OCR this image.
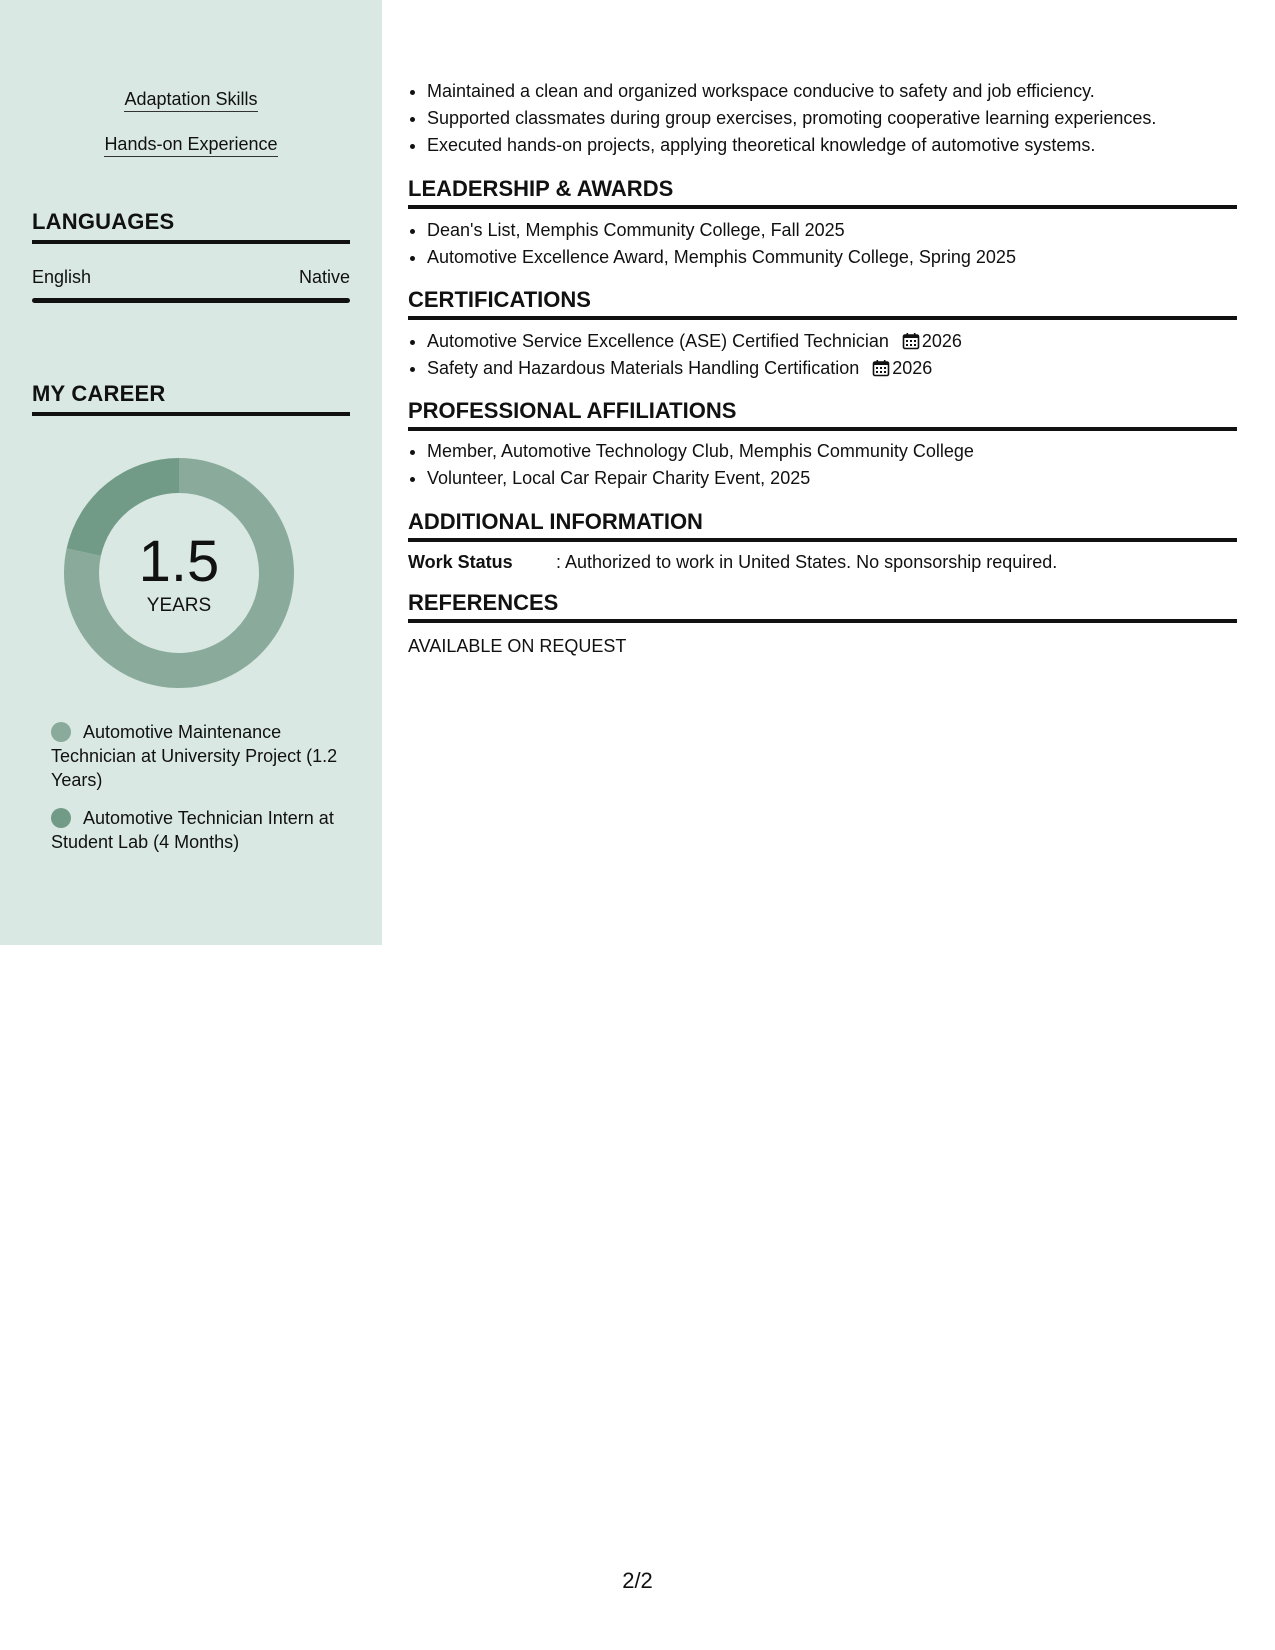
Adaptation Skills
Hands-on Experience
LANGUAGES
English	Native
MY CAREER
1.5
YEARS
Automotive Maintenance Technician at University Project (1.2 Years)
Automotive Technician Intern at Student Lab (4 Months)
• Maintained a clean and organized workspace conducive to safety and job efficiency.
• Supported classmates during group exercises, promoting cooperative learning experiences.
• Executed hands-on projects, applying theoretical knowledge of automotive systems.
LEADERSHIP & AWARDS
• Dean's List, Memphis Community College, Fall 2025
• Automotive Excellence Award, Memphis Community College, Spring 2025
CERTIFICATIONS
• Automotive Service Excellence (ASE) Certified Technician 2026
• Safety and Hazardous Materials Handling Certification 2026
PROFESSIONAL AFFILIATIONS
• Member, Automotive Technology Club, Memphis Community College
• Volunteer, Local Car Repair Charity Event, 2025
ADDITIONAL INFORMATION
Work Status : Authorized to work in United States. No sponsorship required.
REFERENCES
AVAILABLE ON REQUEST
2/2
